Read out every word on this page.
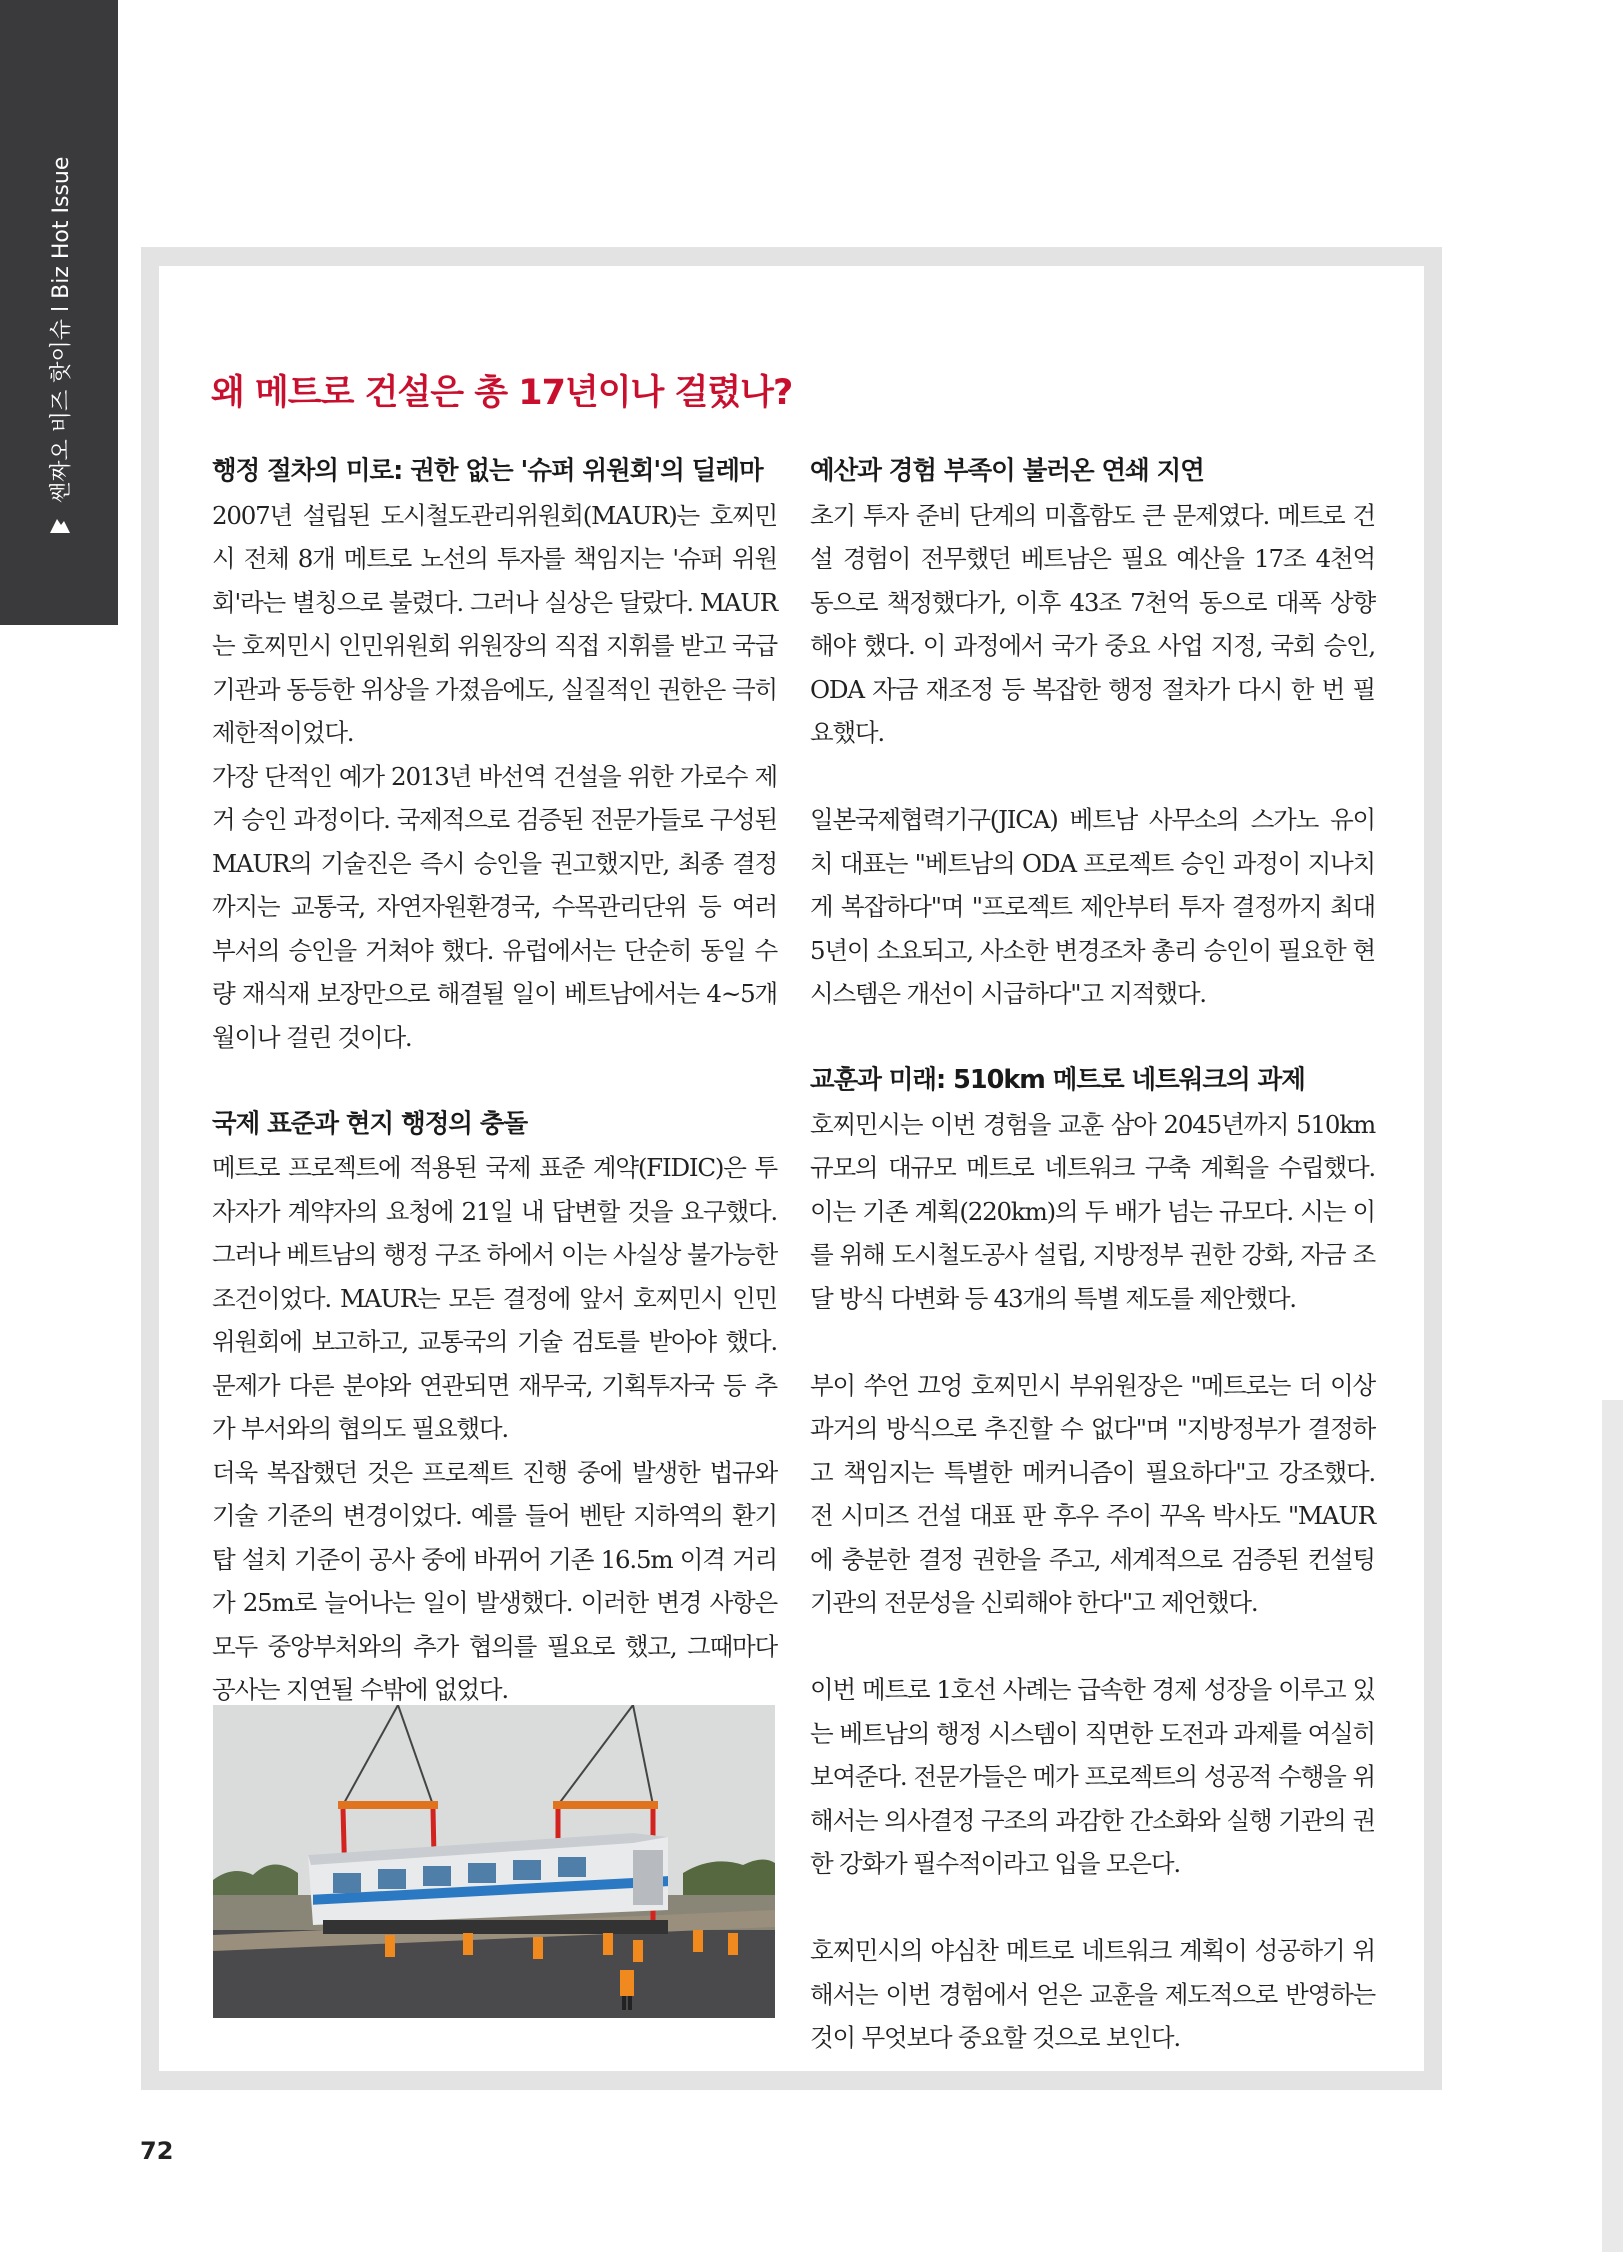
쌘짜오 비즈 핫이슈 l Biz Hot Issue	왜 메트로 건설은 총 17년이나 걸렸나?
행정 절차의 미로: 권한 없는 '슈퍼 위원회'의 딜레마

2007년 설립된 도시철도관리위원회(MAUR)는 호찌민시 전체 8개 메트로 노선의 투자를 책임지는 '슈퍼 위원회'라는 별칭으로 불렸다. 그러나 실상은 달랐다. MAUR는 호찌민시 인민위원회 위원장의 직접 지휘를 받고 국급 기관과 동등한 위상을 가졌음에도, 실질적인 권한은 극히 제한적이었다.

가장 단적인 예가 2013년 바선역 건설을 위한 가로수 제거 승인 과정이다. 국제적으로 검증된 전문가들로 구성된 MAUR의 기술진은 즉시 승인을 권고했지만, 최종 결정까지는 교통국, 자연자원환경국, 수목관리단위 등 여러 부서의 승인을 거쳐야 했다. 유럽에서는 단순히 동일 수량 재식재 보장만으로 해결될 일이 베트남에서는 4~5개월이나 걸린 것이다.

국제 표준과 현지 행정의 충돌

메트로 프로젝트에 적용된 국제 표준 계약(FIDIC)은 투자자가 계약자의 요청에 21일 내 답변할 것을 요구했다. 그러나 베트남의 행정 구조 하에서 이는 사실상 불가능한 조건이었다. MAUR는 모든 결정에 앞서 호찌민시 인민위원회에 보고하고, 교통국의 기술 검토를 받아야 했다. 문제가 다른 분야와 연관되면 재무국, 기획투자국 등 추가 부서와의 협의도 필요했다.

더욱 복잡했던 것은 프로젝트 진행 중에 발생한 법규와 기술 기준의 변경이었다. 예를 들어 벤탄 지하역의 환기탑 설치 기준이 공사 중에 바뀌어 기존 16.5m 이격 거리가 25m로 늘어나는 일이 발생했다. 이러한 변경 사항은 모두 중앙부처와의 추가 협의를 필요로 했고, 그때마다 공사는 지연될 수밖에 없었다.

예산과 경험 부족이 불러온 연쇄 지연

초기 투자 준비 단계의 미흡함도 큰 문제였다. 메트로 건설 경험이 전무했던 베트남은 필요 예산을 17조 4천억 동으로 책정했다가, 이후 43조 7천억 동으로 대폭 상향해야 했다. 이 과정에서 국가 중요 사업 지정, 국회 승인, ODA 자금 재조정 등 복잡한 행정 절차가 다시 한 번 필요했다.

일본국제협력기구(JICA) 베트남 사무소의 스가노 유이치 대표는 "베트남의 ODA 프로젝트 승인 과정이 지나치게 복잡하다"며 "프로젝트 제안부터 투자 결정까지 최대 5년이 소요되고, 사소한 변경조차 총리 승인이 필요한 현 시스템은 개선이 시급하다"고 지적했다.

교훈과 미래: 510km 메트로 네트워크의 과제

호찌민시는 이번 경험을 교훈 삼아 2045년까지 510km 규모의 대규모 메트로 네트워크 구축 계획을 수립했다. 이는 기존 계획(220km)의 두 배가 넘는 규모다. 시는 이를 위해 도시철도공사 설립, 지방정부 권한 강화, 자금 조달 방식 다변화 등 43개의 특별 제도를 제안했다.

부이 쑤언 끄엉 호찌민시 부위원장은 "메트로는 더 이상 과거의 방식으로 추진할 수 없다"며 "지방정부가 결정하고 책임지는 특별한 메커니즘이 필요하다"고 강조했다. 전 시미즈 건설 대표 판 후우 주이 꾸옥 박사도 "MAUR에 충분한 결정 권한을 주고, 세계적으로 검증된 컨설팅 기관의 전문성을 신뢰해야 한다"고 제언했다.

이번 메트로 1호선 사례는 급속한 경제 성장을 이루고 있는 베트남의 행정 시스템이 직면한 도전과 과제를 여실히 보여준다. 전문가들은 메가 프로젝트의 성공적 수행을 위해서는 의사결정 구조의 과감한 간소화와 실행 기관의 권한 강화가 필수적이라고 입을 모은다.

호찌민시의 야심찬 메트로 네트워크 계획이 성공하기 위해서는 이번 경험에서 얻은 교훈을 제도적으로 반영하는 것이 무엇보다 중요할 것으로 보인다.

72
